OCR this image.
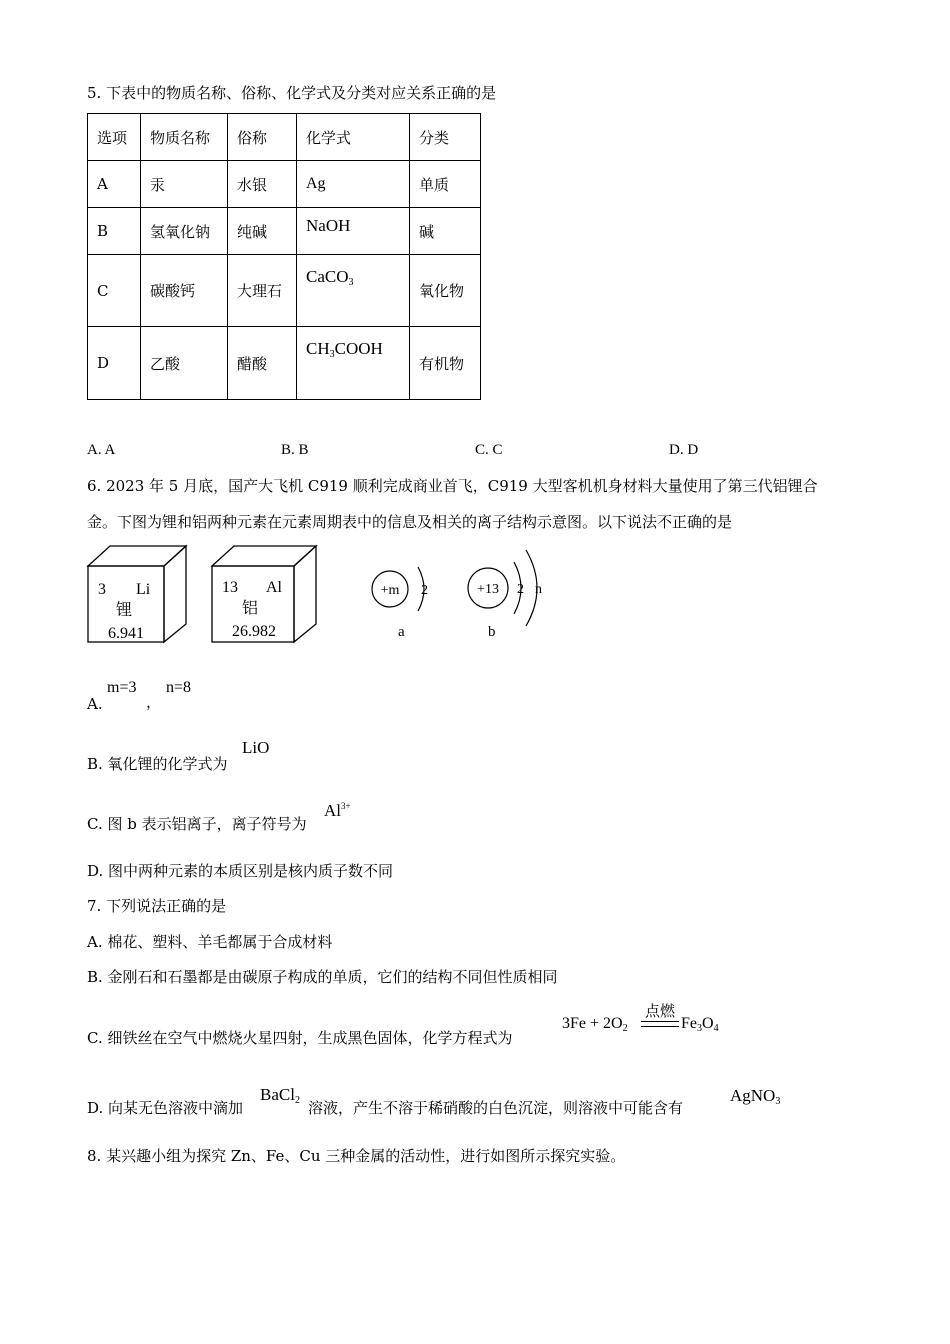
5. 下表中的物质名称、俗称、化学式及分类对应关系正确的是
选项	物质名称	俗称	化学式	分类
A	汞	水银	Ag	单质
B	氢氧化钠	纯碱	NaOH	碱
C	碳酸钙	大理石	CaCO$_3$	氧化物
D	乙酸	醋酸	$CH_3COOH$	有机物
A. A	B. B	C. C	D. D
6. 2023 年 5 月底，国产大飞机 C919 顺利完成商业首飞，C919 大型客机机身材料大量使用了第三代铝锂合
金。下图为锂和铝两种元素在元素周期表中的信息及相关的离子结构示意图。以下说法不正确的是
3 Li
锂
6.941
13 Al
铝
26.982
+m 2
a
+13 2 n
b
A.
m=3
，
n=8
B. 氧化锂的化学式为
LiO
C. 图 b 表示铝离子，离子符号为
$Al^{3+}$
D. 图中两种元素的本质区别是核内质子数不同
7. 下列说法正确的是
A. 棉花、塑料、羊毛都属于合成材料
B. 金刚石和石墨都是由碳原子构成的单质，它们的结构不同但性质相同
C. 细铁丝在空气中燃烧火星四射，生成黑色固体，化学方程式为
$3Fe + 2O_2$
点燃
$Fe_3O_4$
D. 向某无色溶液中滴加
BaCl$_2$ 溶液，产生不溶于稀硝酸的白色沉淀，则溶液中可能含有
AgNO$_3$
8. 某兴趣小组为探究 Zn、Fe、Cu 三种金属的活动性，进行如图所示探究实验。
